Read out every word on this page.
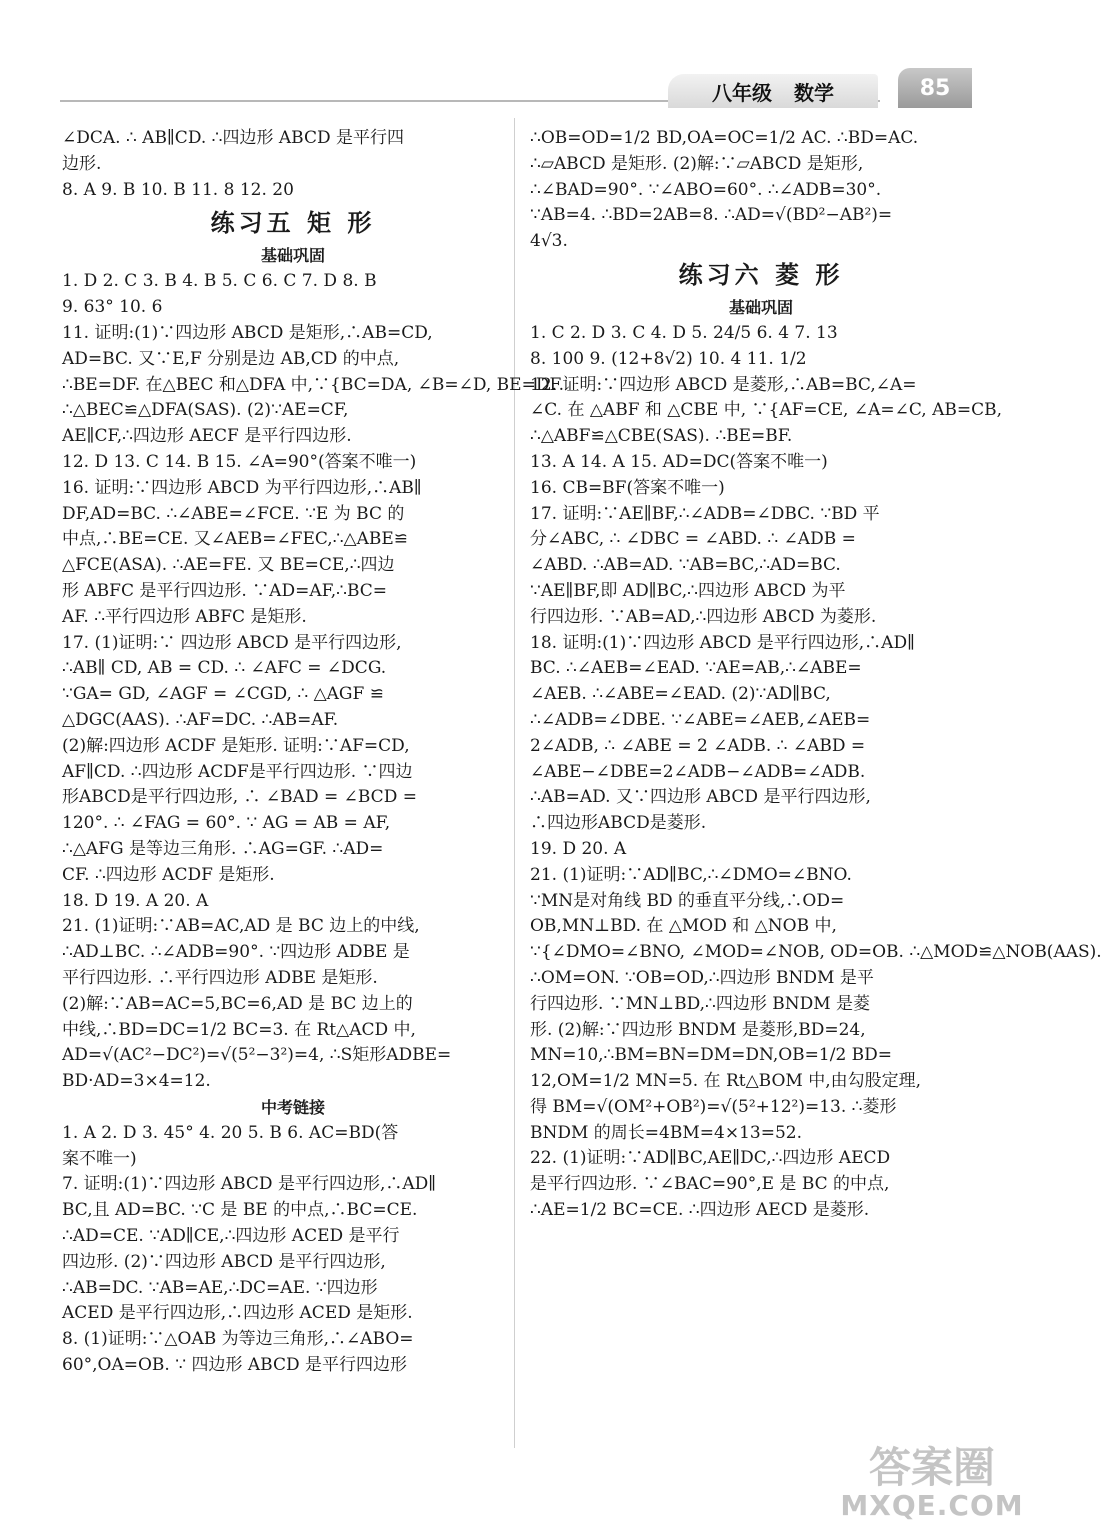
八年级 数学	85
∠DCA. ∴ AB∥CD. ∴四边形 ABCD 是平行四
边形.
8. A 9. B 10. B 11. 8 12. 20
练习五 矩 形
基础巩固
1. D 2. C 3. B 4. B 5. C 6. C 7. D 8. B
9. 63° 10. 6
11. 证明:(1)∵四边形 ABCD 是矩形,∴AB=CD,
AD=BC. 又∵E,F 分别是边 AB,CD 的中点,
∴BE=DF. 在△BEC 和△DFA 中,∵{BC=DA, ∠B=∠D, BE=DF.
∴△BEC≌△DFA(SAS). (2)∵AE=CF,
AE∥CF,∴四边形 AECF 是平行四边形.
12. D 13. C 14. B 15. ∠A=90°(答案不唯一)
16. 证明:∵四边形 ABCD 为平行四边形,∴AB∥
DF,AD=BC. ∴∠ABE=∠FCE. ∵E 为 BC 的
中点,∴BE=CE. 又∠AEB=∠FEC,∴△ABE≌
△FCE(ASA). ∴AE=FE. 又 BE=CE,∴四边
形 ABFC 是平行四边形. ∵AD=AF,∴BC=
AF. ∴平行四边形 ABFC 是矩形.
17. (1)证明:∵ 四边形 ABCD 是平行四边形,
∴AB∥ CD, AB = CD. ∴ ∠AFC = ∠DCG.
∵GA= GD, ∠AGF = ∠CGD, ∴ △AGF ≌
△DGC(AAS). ∴AF=DC. ∴AB=AF.
(2)解:四边形 ACDF 是矩形. 证明:∵AF=CD,
AF∥CD. ∴四边形 ACDF是平行四边形. ∵四边
形ABCD是平行四边形, ∴ ∠BAD = ∠BCD =
120°. ∴ ∠FAG = 60°. ∵ AG = AB = AF,
∴△AFG 是等边三角形. ∴AG=GF. ∴AD=
CF. ∴四边形 ACDF 是矩形.
18. D 19. A 20. A
21. (1)证明:∵AB=AC,AD 是 BC 边上的中线,
∴AD⊥BC. ∴∠ADB=90°. ∵四边形 ADBE 是
平行四边形. ∴平行四边形 ADBE 是矩形.
(2)解:∵AB=AC=5,BC=6,AD 是 BC 边上的
中线,∴BD=DC=1/2 BC=3. 在 Rt△ACD 中,
AD=√(AC²−DC²)=√(5²−3²)=4, ∴S矩形ADBE=
BD·AD=3×4=12.
中考链接
1. A 2. D 3. 45° 4. 20 5. B 6. AC=BD(答
案不唯一)
7. 证明:(1)∵四边形 ABCD 是平行四边形,∴AD∥
BC,且 AD=BC. ∵C 是 BE 的中点,∴BC=CE.
∴AD=CE. ∵AD∥CE,∴四边形 ACED 是平行
四边形. (2)∵四边形 ABCD 是平行四边形,
∴AB=DC. ∵AB=AE,∴DC=AE. ∵四边形
ACED 是平行四边形,∴四边形 ACED 是矩形.
8. (1)证明:∵△OAB 为等边三角形,∴∠ABO=
60°,OA=OB. ∵ 四边形 ABCD 是平行四边形
∴OB=OD=1/2 BD,OA=OC=1/2 AC. ∴BD=AC.
∴▱ABCD 是矩形. (2)解:∵▱ABCD 是矩形,
∴∠BAD=90°. ∵∠ABO=60°. ∴∠ADB=30°.
∵AB=4. ∴BD=2AB=8. ∴AD=√(BD²−AB²)=
4√3.
练习六 菱 形
基础巩固
1. C 2. D 3. C 4. D 5. 24/5 6. 4 7. 13
8. 100 9. (12+8√2) 10. 4 11. 1/2
12. 证明:∵四边形 ABCD 是菱形,∴AB=BC,∠A=
∠C. 在 △ABF 和 △CBE 中, ∵{AF=CE, ∠A=∠C, AB=CB,
∴△ABF≌△CBE(SAS). ∴BE=BF.
13. A 14. A 15. AD=DC(答案不唯一)
16. CB=BF(答案不唯一)
17. 证明:∵AE∥BF,∴∠ADB=∠DBC. ∵BD 平
分∠ABC, ∴ ∠DBC = ∠ABD. ∴ ∠ADB =
∠ABD. ∴AB=AD. ∵AB=BC,∴AD=BC.
∵AE∥BF,即 AD∥BC,∴四边形 ABCD 为平
行四边形. ∵AB=AD,∴四边形 ABCD 为菱形.
18. 证明:(1)∵四边形 ABCD 是平行四边形,∴AD∥
BC. ∴∠AEB=∠EAD. ∵AE=AB,∴∠ABE=
∠AEB. ∴∠ABE=∠EAD. (2)∵AD∥BC,
∴∠ADB=∠DBE. ∵∠ABE=∠AEB,∠AEB=
2∠ADB, ∴ ∠ABE = 2 ∠ADB. ∴ ∠ABD =
∠ABE−∠DBE=2∠ADB−∠ADB=∠ADB.
∴AB=AD. 又∵四边形 ABCD 是平行四边形,
∴四边形ABCD是菱形.
19. D 20. A
21. (1)证明:∵AD∥BC,∴∠DMO=∠BNO.
∵MN是对角线 BD 的垂直平分线,∴OD=
OB,MN⊥BD. 在 △MOD 和 △NOB 中,
∵{∠DMO=∠BNO, ∠MOD=∠NOB, OD=OB. ∴△MOD≌△NOB(AAS).
∴OM=ON. ∵OB=OD,∴四边形 BNDM 是平
行四边形. ∵MN⊥BD,∴四边形 BNDM 是菱
形. (2)解:∵四边形 BNDM 是菱形,BD=24,
MN=10,∴BM=BN=DM=DN,OB=1/2 BD=
12,OM=1/2 MN=5. 在 Rt△BOM 中,由勾股定理,
得 BM=√(OM²+OB²)=√(5²+12²)=13. ∴菱形
BNDM 的周长=4BM=4×13=52.
22. (1)证明:∵AD∥BC,AE∥DC,∴四边形 AECD
是平行四边形. ∵∠BAC=90°,E 是 BC 的中点,
∴AE=1/2 BC=CE. ∴四边形 AECD 是菱形.
答案圈
MXQE.COM
